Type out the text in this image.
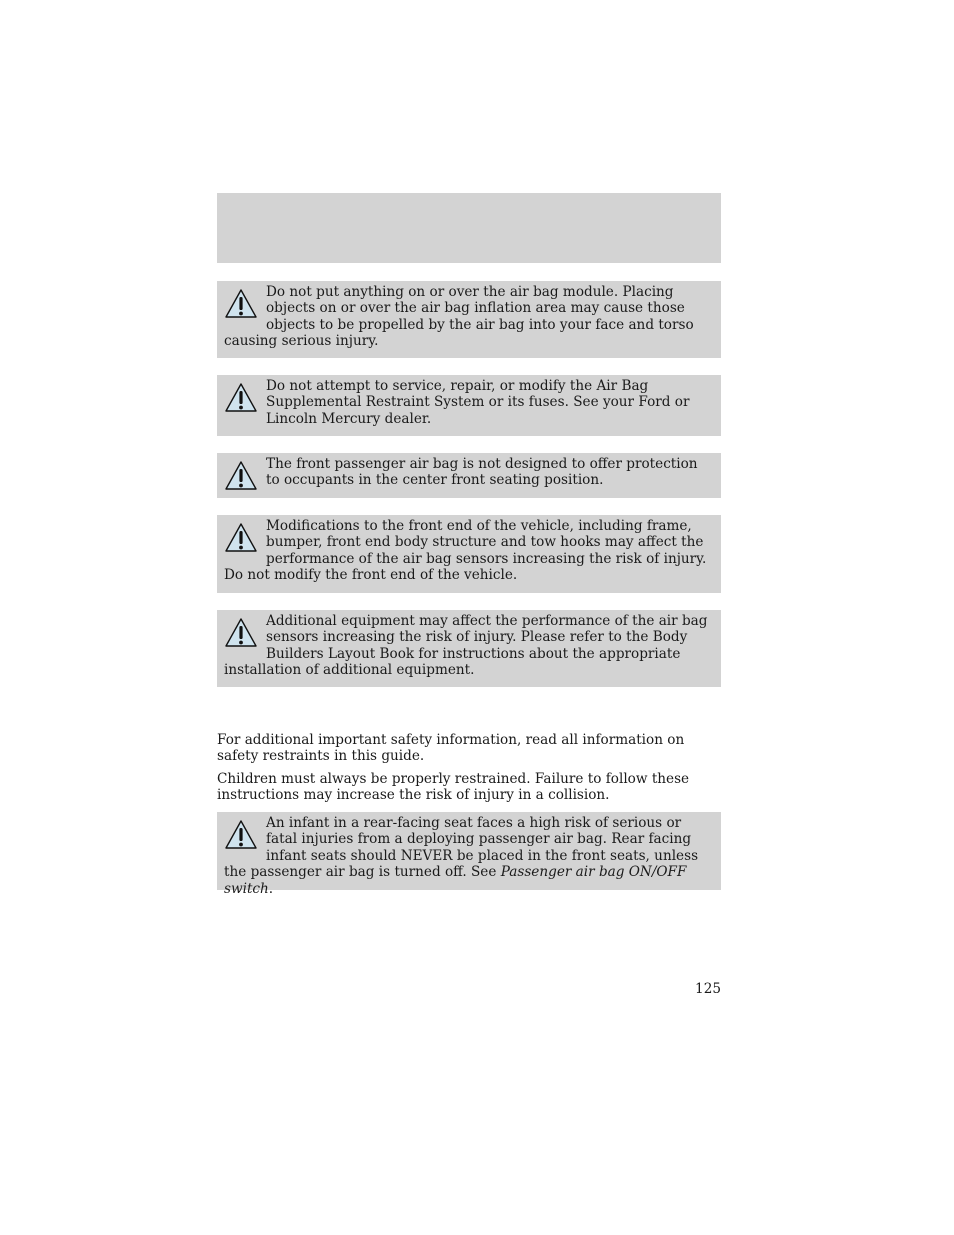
Do not put anything on or over the air bag module. Placing objects on or over the air bag inflation area may cause those objects to be propelled by the air bag into your face and torso causing serious injury.

Do not attempt to service, repair, or modify the Air Bag Supplemental Restraint System or its fuses. See your Ford or Lincoln Mercury dealer.

The front passenger air bag is not designed to offer protection to occupants in the center front seating position.

Modifications to the front end of the vehicle, including frame, bumper, front end body structure and tow hooks may affect the performance of the air bag sensors increasing the risk of injury. Do not modify the front end of the vehicle.

Additional equipment may affect the performance of the air bag sensors increasing the risk of injury. Please refer to the Body Builders Layout Book for instructions about the appropriate installation of additional equipment.

For additional important safety information, read all information on safety restraints in this guide.

Children must always be properly restrained. Failure to follow these instructions may increase the risk of injury in a collision.

An infant in a rear-facing seat faces a high risk of serious or fatal injuries from a deploying passenger air bag. Rear facing infant seats should NEVER be placed in the front seats, unless the passenger air bag is turned off. See Passenger air bag ON/OFF switch.

125
